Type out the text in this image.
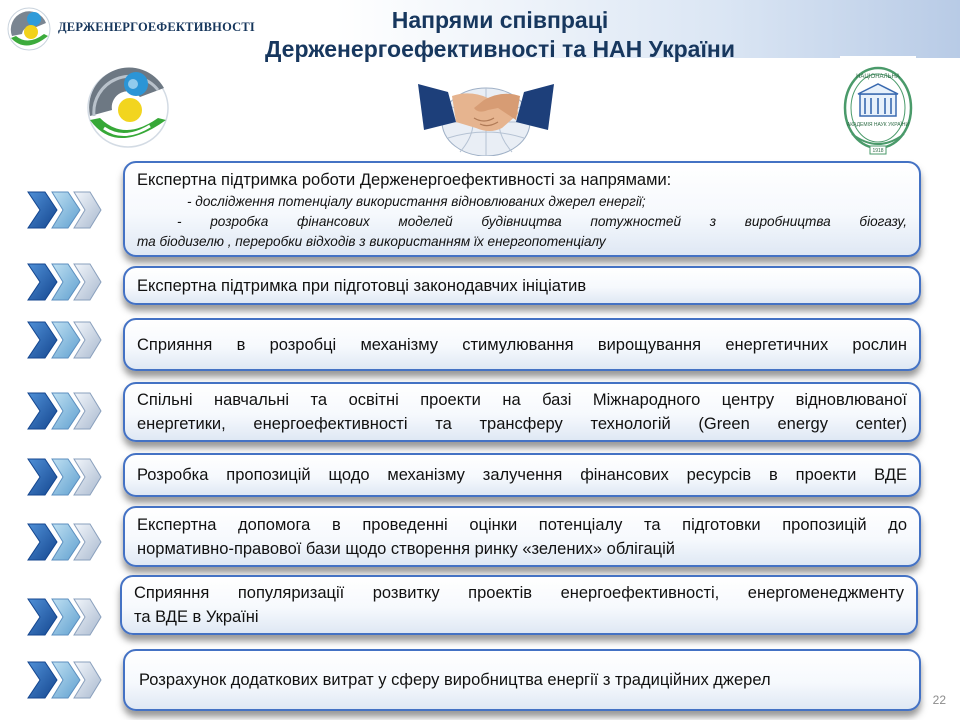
ДЕРЖЕНЕРГОЕФЕКТИВНОСТІ	Напрями співпраці
Держенергоефективності та НАН України
НАЦІОНАЛЬНА
АКАДЕМІЯ НАУК УКРАЇНИ
1918
Експертна підтримка роботи Держенергоефективності за напрямами:
- дослідження потенціалу використання відновлюваних джерел енергії;
- розробка фінансових моделей будівництва потужностей з виробництва біогазу,
та біодизелю , переробки відходів з використанням їх енергопотенціалу
Експертна підтримка при підготовці законодавчих ініціатив
Сприяння в розробці механізму стимулювання вирощування енергетичних рослин
Спільні навчальні та освітні проекти на базі Міжнародного центру відновлюваної
енергетики, енергоефективності та трансферу технологій (Green energy center)
Розробка пропозицій щодо механізму залучення фінансових ресурсів в проекти ВДЕ
Експертна допомога в проведенні оцінки потенціалу та підготовки пропозицій до
нормативно-правової бази щодо створення ринку «зелених» облігацій
Сприяння популяризації розвитку проектів енергоефективності, енергоменеджменту
та ВДЕ в Україні
Розрахунок додаткових витрат у сферу виробництва енергії з традиційних джерел
22
